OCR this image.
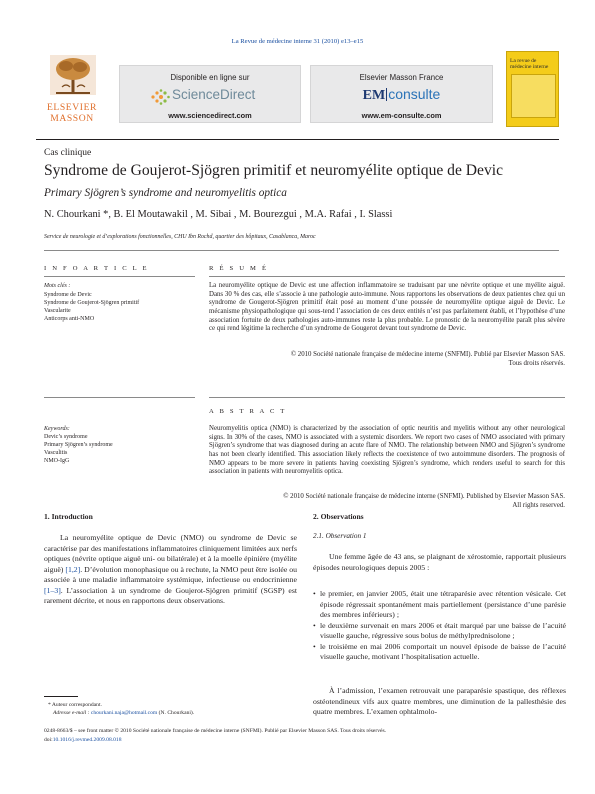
La Revue de médecine interne 31 (2010) e13–e15
ELSEVIER
MASSON
Disponible en ligne sur
ScienceDirect
www.sciencedirect.com
Elsevier Masson France
EM consulte
www.em-consulte.com
La revue de médecine interne
Cas clinique
Syndrome de Goujerot-Sjögren primitif et neuromyélite optique de Devic
Primary Sjögren’s syndrome and neuromyelitis optica
N. Chourkani *, B. El Moutawakil , M. Sibai , M. Bourezgui , M.A. Rafai , I. Slassi
Service de neurologie et d’explorations fonctionnelles, CHU Ibn Rochd, quartier des hôpitaux, Casablanca, Maroc
I N F O A R T I C L E
Mots clés :
Syndrome de Devic
Syndrome de Goujerot-Sjögren primitif
Vascularite
Anticorps anti-NMO
Keywords:
Devic’s syndrome
Primary Sjögren’s syndrome
Vasculitis
NMO-IgG
R É S U M É
La neuromyélite optique de Devic est une affection inflammatoire se traduisant par une névrite optique et une myélite aiguë. Dans 30 % des cas, elle s’associe à une pathologie auto-immune. Nous rapportons les observations de deux patientes chez qui un syndrome de Gougerot-Sjögren primitif était posé au moment d’une poussée de neuromyélite optique aiguë de Devic. Le mécanisme physiopathologique qui sous-tend l’association de ces deux entités n’est pas parfaitement établi, et l’hypothèse d’une association fortuite de deux pathologies auto-immunes reste la plus probable. Le pronostic de la neuromyélite paraît plus sévère ce qui rend légitime la recherche d’un syndrome de Gougerot devant tout syndrome de Devic.
© 2010 Société nationale française de médecine interne (SNFMI). Publié par Elsevier Masson SAS.
Tous droits réservés.
A B S T R A C T
Neuromyelitis optica (NMO) is characterized by the association of optic neuritis and myelitis without any other neurological signs. In 30% of the cases, NMO is associated with a systemic disorders. We report two cases of NMO associated with primary Sjögren’s syndrome that was diagnosed during an acute flare of NMO. The relationship between NMO and Sjögren’s syndrome has not been clearly identified. This association likely reflects the coexistence of two autoimmune disorders. The prognosis of NMO appears to be more severe in patients having coexisting Sjögren’s syndrome, which renders useful to search for this association in patients with neuromyelitis optica.
© 2010 Société nationale française de médecine interne (SNFMI). Published by Elsevier Masson SAS.
All rights reserved.
1. Introduction
La neuromyélite optique de Devic (NMO) ou syndrome de Devic se caractérise par des manifestations inflammatoires cliniquement limitées aux nerfs optiques (névrite optique aiguë uni- ou bilatérale) et à la moelle épinière (myélite aiguë) [1,2]. D’évolution monophasique ou à rechute, la NMO peut être isolée ou associée à une maladie inflammatoire systémique, infectieuse ou endocrinienne [1–3]. L’association à un syndrome de Goujerot-Sjögren primitif (SGSP) est rarement décrite, et nous en rapportons deux observations.
2. Observations
2.1. Observation 1
Une femme âgée de 43 ans, se plaignant de xérostomie, rapportait plusieurs épisodes neurologiques depuis 2005 :
• le premier, en janvier 2005, était une tétraparésie avec rétention vésicale. Cet épisode régressait spontanément mais partiellement (persistance d’une parésie des membres inférieurs) ;
• le deuxième survenait en mars 2006 et était marqué par une baisse de l’acuité visuelle gauche, régressive sous bolus de méthylprednisolone ;
• le troisième en mai 2006 comportait un nouvel épisode de baisse de l’acuité visuelle gauche, motivant l’hospitalisation actuelle.
À l’admission, l’examen retrouvait une paraparésie spastique, des réflexes ostéotendineux vifs aux quatre membres, une diminution de la pallesthésie des quatre membres. L’examen ophtalmolo-
* Auteur correspondant.
Adresse e-mail : chourkani.naja@hotmail.com (N. Chourkani).
0248-8663/$ – see front matter © 2010 Société nationale française de médecine interne (SNFMI). Publié par Elsevier Masson SAS. Tous droits réservés.
doi:10.1016/j.revmed.2009.08.018
